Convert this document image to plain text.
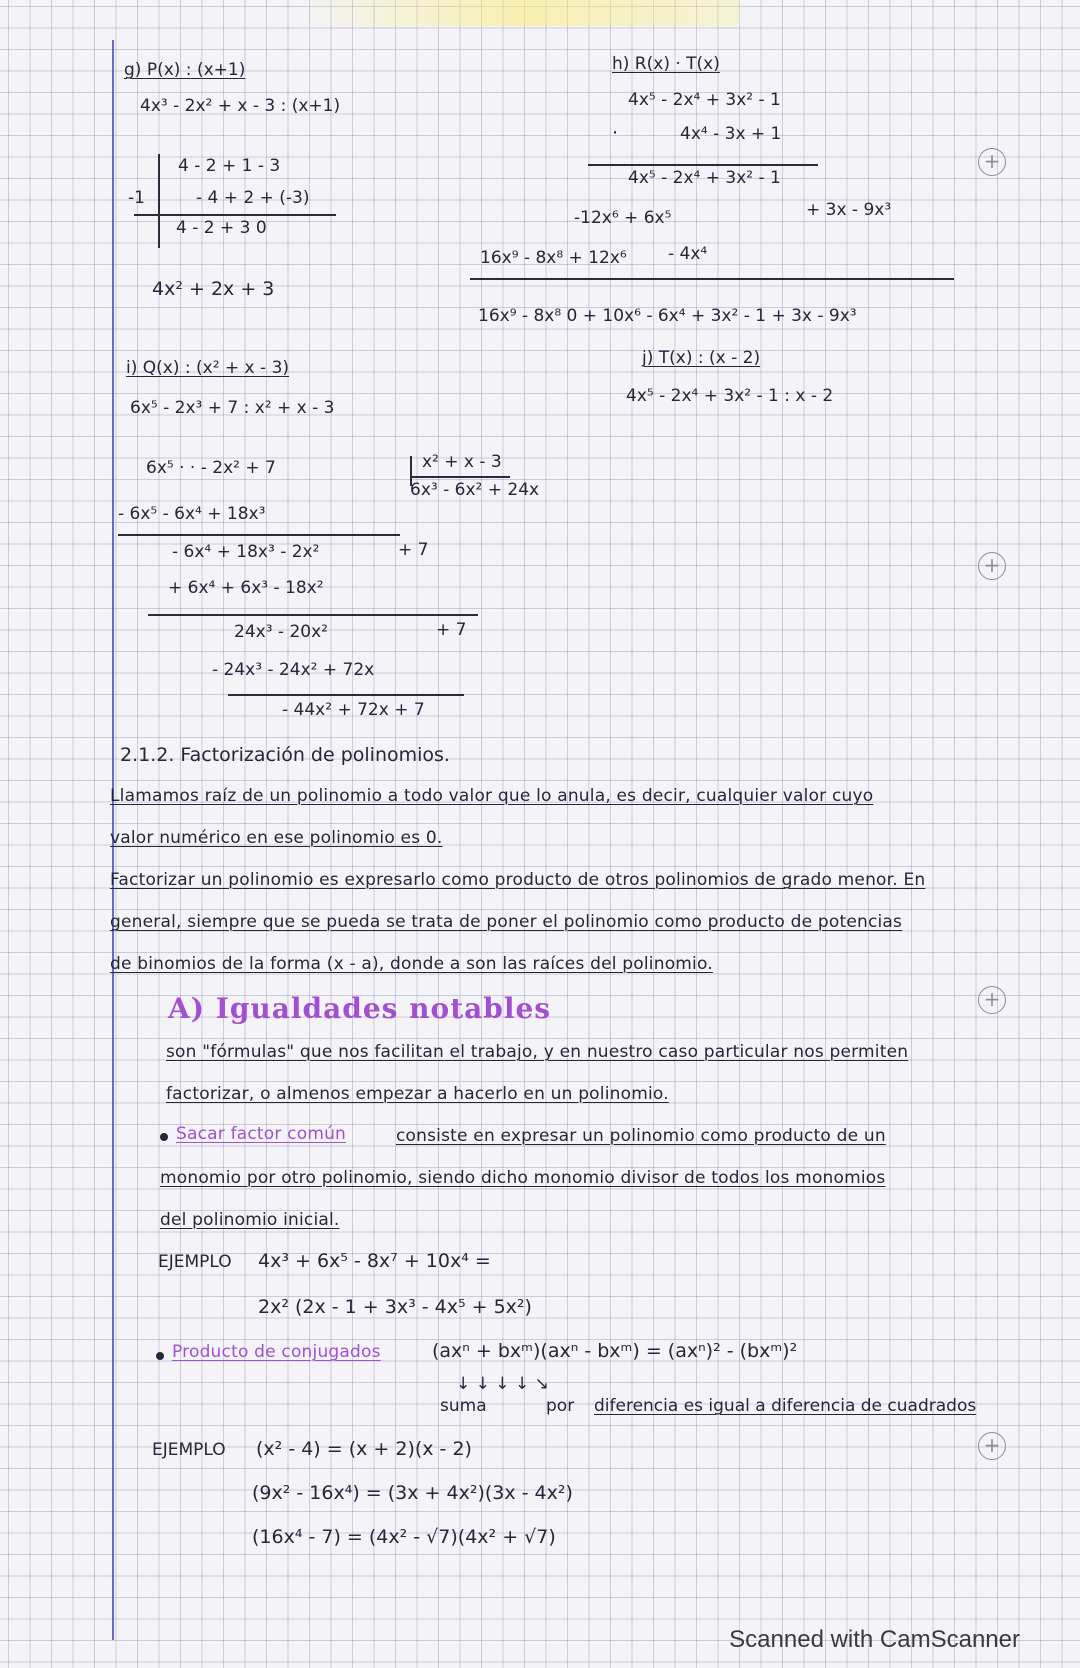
+
+
+
+
g) P(x) : (x+1)
4x³ - 2x² + x - 3 : (x+1)
4 - 2 + 1 - 3
-1	- 4 + 2 + (-3)
4 - 2 + 3 0
4x² + 2x + 3
h) R(x) · T(x)
4x⁵ - 2x⁴ + 3x² - 1
·	4x⁴ - 3x + 1
4x⁵ - 2x⁴ + 3x² - 1
-12x⁶ + 6x⁵	+ 3x - 9x³
16x⁹ - 8x⁸ + 12x⁶ - 4x⁴
16x⁹ - 8x⁸ 0 + 10x⁶ - 6x⁴ + 3x² - 1 + 3x - 9x³
i) Q(x) : (x² + x - 3)
6x⁵ - 2x³ + 7 : x² + x - 3
6x⁵ · · - 2x² + 7	x² + x - 3
6x³ - 6x² + 24x
- 6x⁵ - 6x⁴ + 18x³
- 6x⁴ + 18x³ - 2x²	+ 7
+ 6x⁴ + 6x³ - 18x²
24x³ - 20x²	+ 7
- 24x³ - 24x² + 72x
- 44x² + 72x + 7
j) T(x) : (x - 2)
4x⁵ - 2x⁴ + 3x² - 1 : x - 2
2.1.2. Factorización de polinomios.
Llamamos raíz de un polinomio a todo valor que lo anula, es decir, cualquier valor cuyo
valor numérico en ese polinomio es 0.
Factorizar un polinomio es expresarlo como producto de otros polinomios de grado menor. En
general, siempre que se pueda se trata de poner el polinomio como producto de potencias
de binomios de la forma (x - a), donde a son las raíces del polinomio.
A) Igualdades notables
son "fórmulas" que nos facilitan el trabajo, y en nuestro caso particular nos permiten
factorizar, o almenos empezar a hacerlo en un polinomio.
Sacar factor común	consiste en expresar un polinomio como producto de un
monomio por otro polinomio, siendo dicho monomio divisor de todos los monomios
del polinomio inicial.
EJEMPLO 4x³ + 6x⁵ - 8x⁷ + 10x⁴ =
2x² (2x - 1 + 3x³ - 4x⁵ + 5x²)
Producto de conjugados	(axⁿ + bxᵐ)(axⁿ - bxᵐ) = (axⁿ)² - (bxᵐ)²
↓ ↓ ↓ ↓ ↘
suma	por diferencia es igual a diferencia de cuadrados
EJEMPLO (x² - 4) = (x + 2)(x - 2)
(9x² - 16x⁴) = (3x + 4x²)(3x - 4x²)
(16x⁴ - 7) = (4x² - √7)(4x² + √7)
Scanned with CamScanner
